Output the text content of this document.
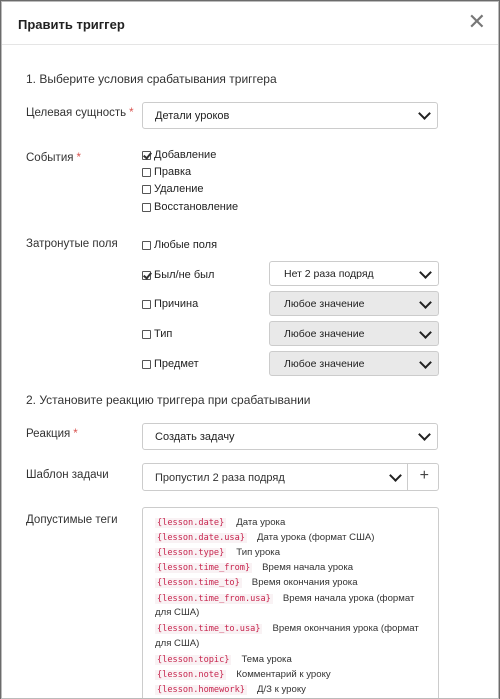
Править триггер	✕
1. Выберите условия срабатывания триггера
Целевая сущность * Детали уроков
События *	Добавление
Правка
Удаление
Восстановление
Затронутые поля	Любые поля
Был/не был	Нет 2 раза подряд
Причина	Любое значение
Тип	Любое значение
Предмет	Любое значение
2. Установите реакцию триггера при срабатывании
Реакция *	Создать задачу
Шаблон задачи	Пропустил 2 раза подряд	+
Допустимые теги	{lesson.date} Дата урока
{lesson.date.usa} Дата урока (формат США)
{lesson.type} Тип урока
{lesson.time_from} Время начала урока
{lesson.time_to} Время окончания урока
{lesson.time_from.usa} Время начала урока (формат
для США)
{lesson.time_to.usa} Время окончания урока (формат
для США)
{lesson.topic} Тема урока
{lesson.note} Комментарий к уроку
{lesson.homework} Д/З к уроку
